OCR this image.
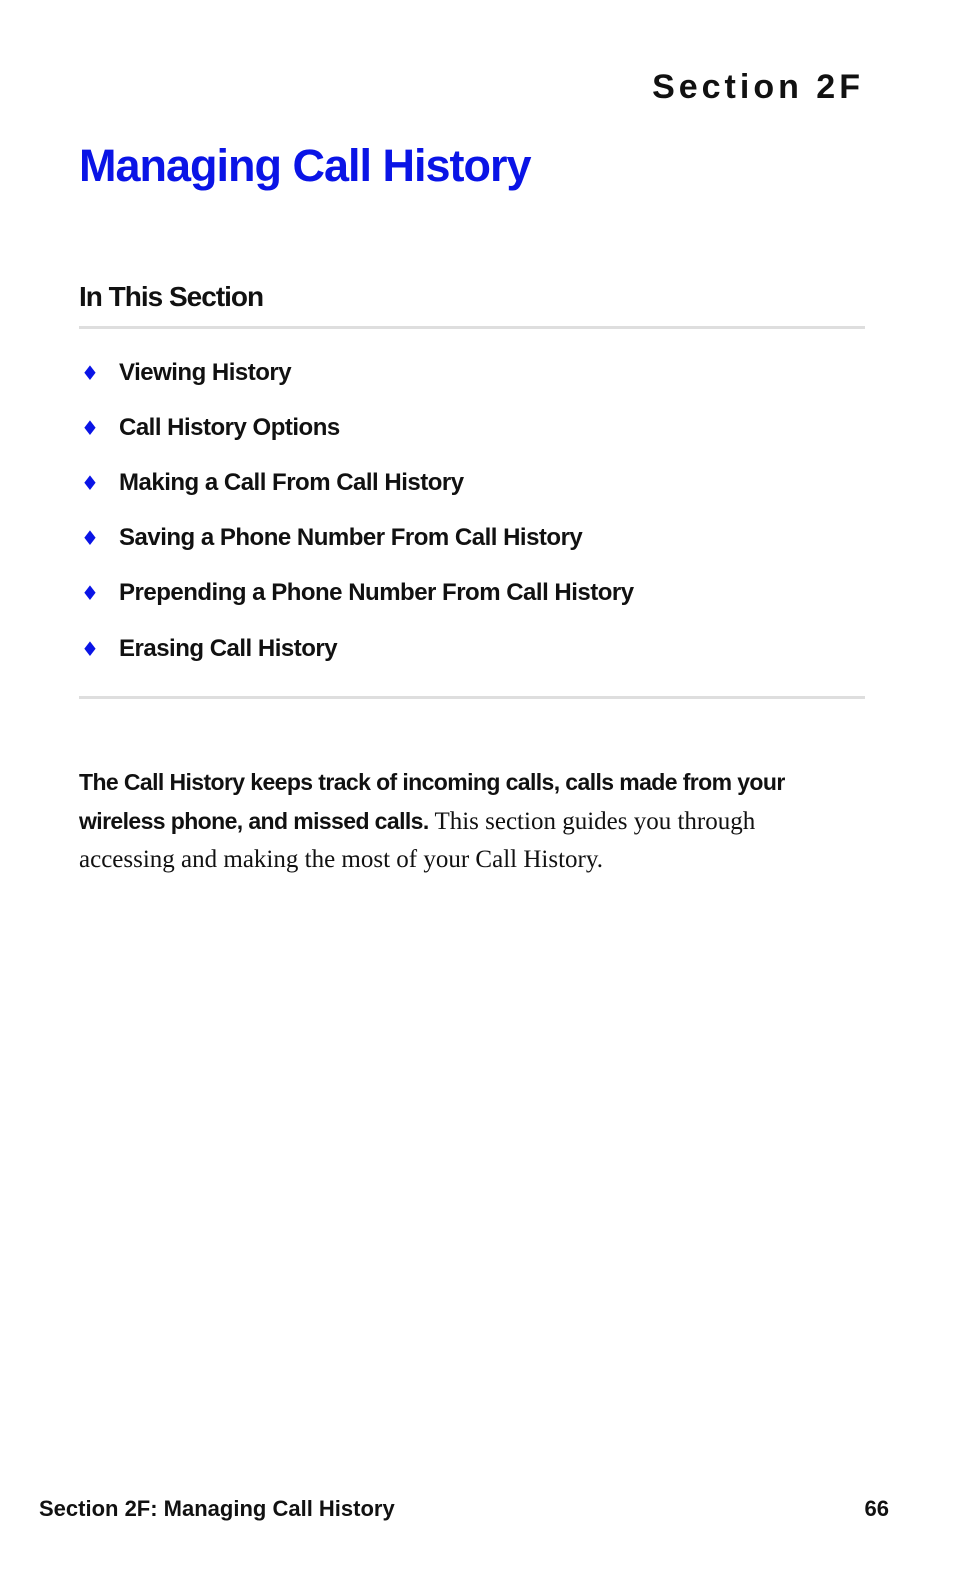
Section 2F
Managing Call History
In This Section
♦ Viewing History
♦ Call History Options
♦ Making a Call From Call History
♦ Saving a Phone Number From Call History
♦ Prepending a Phone Number From Call History
♦ Erasing Call History

The Call History keeps track of incoming calls, calls made from your wireless phone, and missed calls. This section guides you through accessing and making the most of your Call History.

Section 2F: Managing Call History	66
